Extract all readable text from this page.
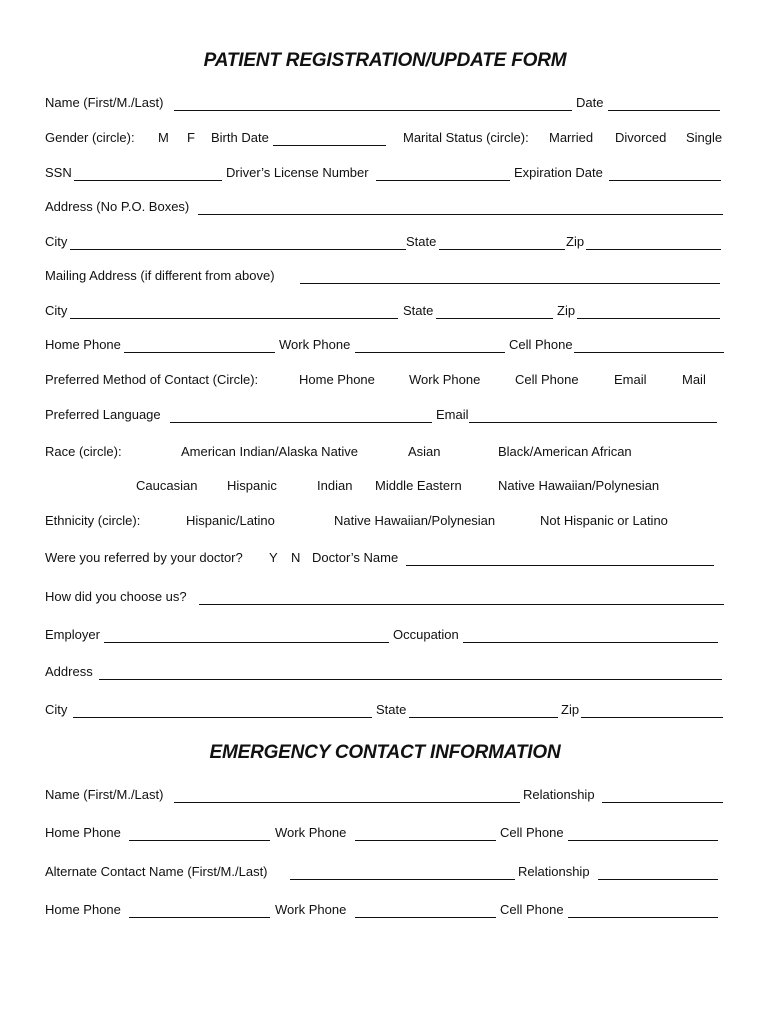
PATIENT REGISTRATION/UPDATE FORM
Name (First/M./Last)	Date
Gender (circle): M F Birth Date	Marital Status (circle): Married Divorced Single
SSN	Driver’s License Number	Expiration Date
Address (No P.O. Boxes)
City	State	Zip
Mailing Address (if different from above)
City	State	Zip
Home Phone	Work Phone	Cell Phone
Preferred Method of Contact (Circle):	Home Phone	Work Phone	Cell Phone	Email	Mail
Preferred Language	Email
Race (circle):	American Indian/Alaska Native	Asian	Black/American African
Caucasian Hispanic	Indian Middle Eastern	Native Hawaiian/Polynesian
Ethnicity (circle):	Hispanic/Latino	Native Hawaiian/Polynesian	Not Hispanic or Latino
Were you referred by your doctor? Y N Doctor’s Name
How did you choose us?
Employer	Occupation
Address
City	State	Zip
EMERGENCY CONTACT INFORMATION
Name (First/M./Last)	Relationship
Home Phone	Work Phone	Cell Phone
Alternate Contact Name (First/M./Last)	Relationship
Home Phone	Work Phone	Cell Phone
